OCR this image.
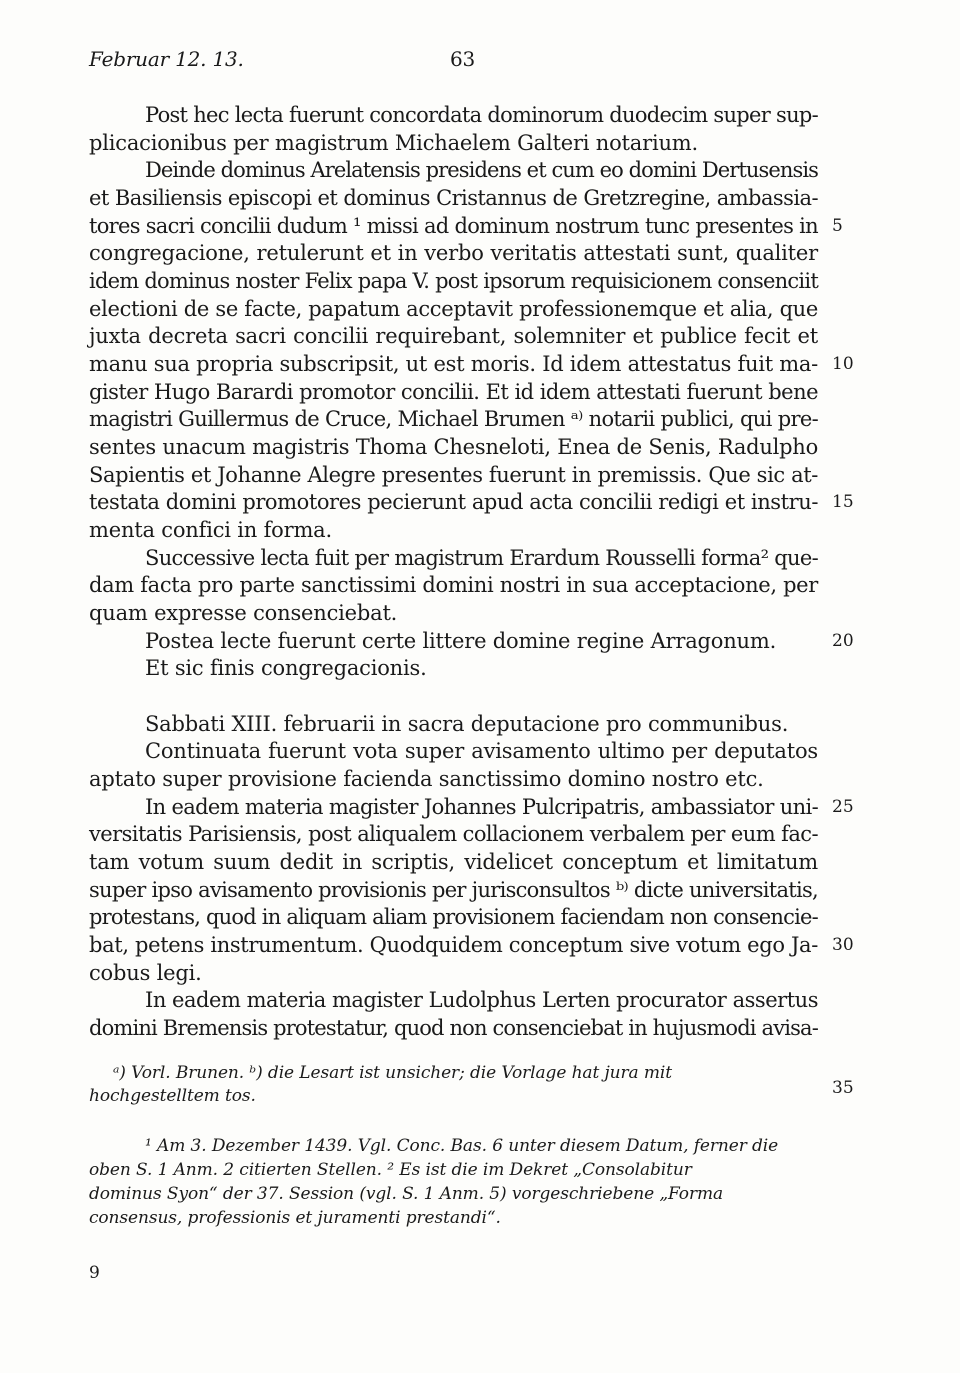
Februar 12. 13.	63
Post hec lecta fuerunt concordata dominorum duodecim super sup-
plicacionibus per magistrum Michaelem Galteri notarium.
Deinde dominus Arelatensis presidens et cum eo domini Dertusensis
et Basiliensis episcopi et dominus Cristannus de Gretzregine, ambassia-
tores sacri concilii dudum ¹ missi ad dominum nostrum tunc presentes in
congregacione, retulerunt et in verbo veritatis attestati sunt, qualiter
idem dominus noster Felix papa V. post ipsorum requisicionem consenciit
electioni de se facte, papatum acceptavit professionemque et alia, que
juxta decreta sacri concilii requirebant, solemniter et publice fecit et
manu sua propria subscripsit, ut est moris. Id idem attestatus fuit ma-
gister Hugo Barardi promotor concilii. Et id idem attestati fuerunt bene
magistri Guillermus de Cruce, Michael Brumen ᵃ⁾ notarii publici, qui pre-
sentes unacum magistris Thoma Chesneloti, Enea de Senis, Radulpho
Sapientis et Johanne Alegre presentes fuerunt in premissis. Que sic at-
testata domini promotores pecierunt apud acta concilii redigi et instru-
menta confici in forma.
Successive lecta fuit per magistrum Erardum Rousselli forma² que-
dam facta pro parte sanctissimi domini nostri in sua acceptacione, per
quam expresse consenciebat.
Postea lecte fuerunt certe littere domine regine Arragonum.
Et sic finis congregacionis.
Sabbati XIII. februarii in sacra deputacione pro communibus.
Continuata fuerunt vota super avisamento ultimo per deputatos
aptato super provisione facienda sanctissimo domino nostro etc.
In eadem materia magister Johannes Pulcripatris, ambassiator uni-
versitatis Parisiensis, post aliqualem collacionem verbalem per eum fac-
tam votum suum dedit in scriptis, videlicet conceptum et limitatum
super ipso avisamento provisionis per jurisconsultos ᵇ⁾ dicte universitatis,
protestans, quod in aliquam aliam provisionem faciendam non consencie-
bat, petens instrumentum. Quodquidem conceptum sive votum ego Ja-
cobus legi.
In eadem materia magister Ludolphus Lerten procurator assertus
domini Bremensis protestatur, quod non consenciebat in hujusmodi avisa-
5
10
15
20
25
30
35
ᵃ) Vorl. Brunen. ᵇ) die Lesart ist unsicher; die Vorlage hat jura mit
hochgestelltem tos.
¹ Am 3. Dezember 1439. Vgl. Conc. Bas. 6 unter diesem Datum, ferner die
oben S. 1 Anm. 2 citierten Stellen. ² Es ist die im Dekret „Consolabitur
dominus Syon“ der 37. Session (vgl. S. 1 Anm. 5) vorgeschriebene „Forma
consensus, professionis et juramenti prestandi“.
9
